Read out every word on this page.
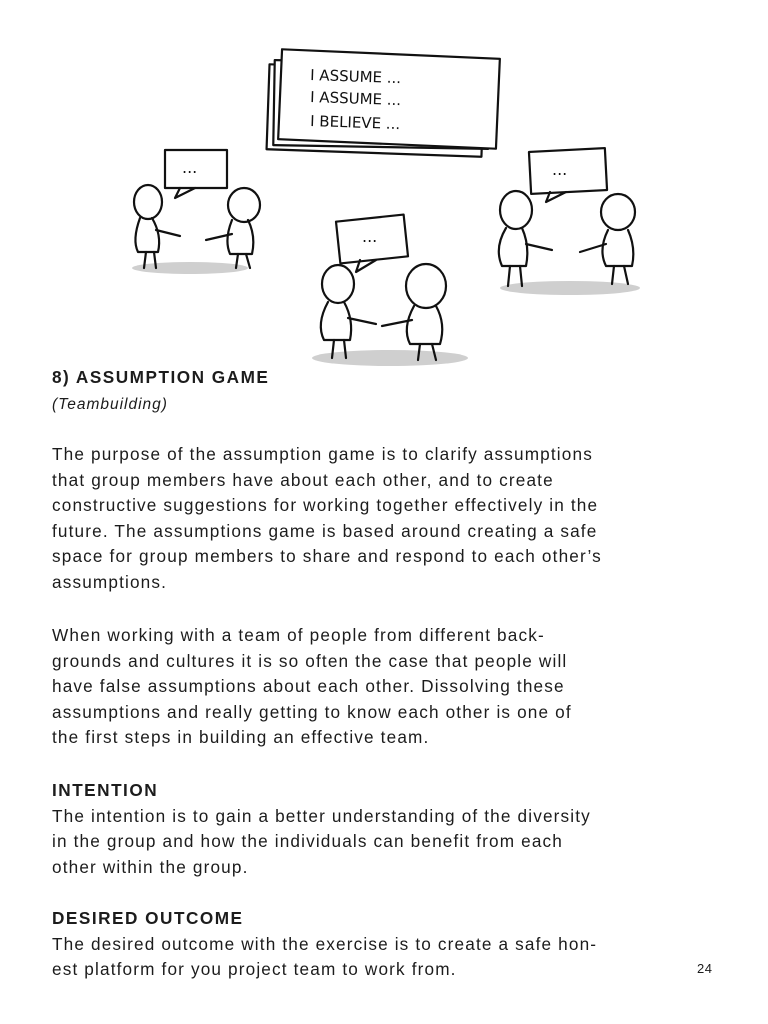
I ASSUME ...
I ASSUME ...
I BELIEVE ...
...
...
...
8) ASSUMPTION GAME
(Teambuilding)
The purpose of the assumption game is to clarify assumptions
that group members have about each other, and to create
constructive suggestions for working together effectively in the
future. The assumptions game is based around creating a safe
space for group members to share and respond to each other’s
assumptions.
When working with a team of people from different back-
grounds and cultures it is so often the case that people will
have false assumptions about each other. Dissolving these
assumptions and really getting to know each other is one of
the first steps in building an effective team.
INTENTION
The intention is to gain a better understanding of the diversity
in the group and how the individuals can benefit from each
other within the group.
DESIRED OUTCOME
The desired outcome with the exercise is to create a safe hon-
est platform for you project team to work from.	24
